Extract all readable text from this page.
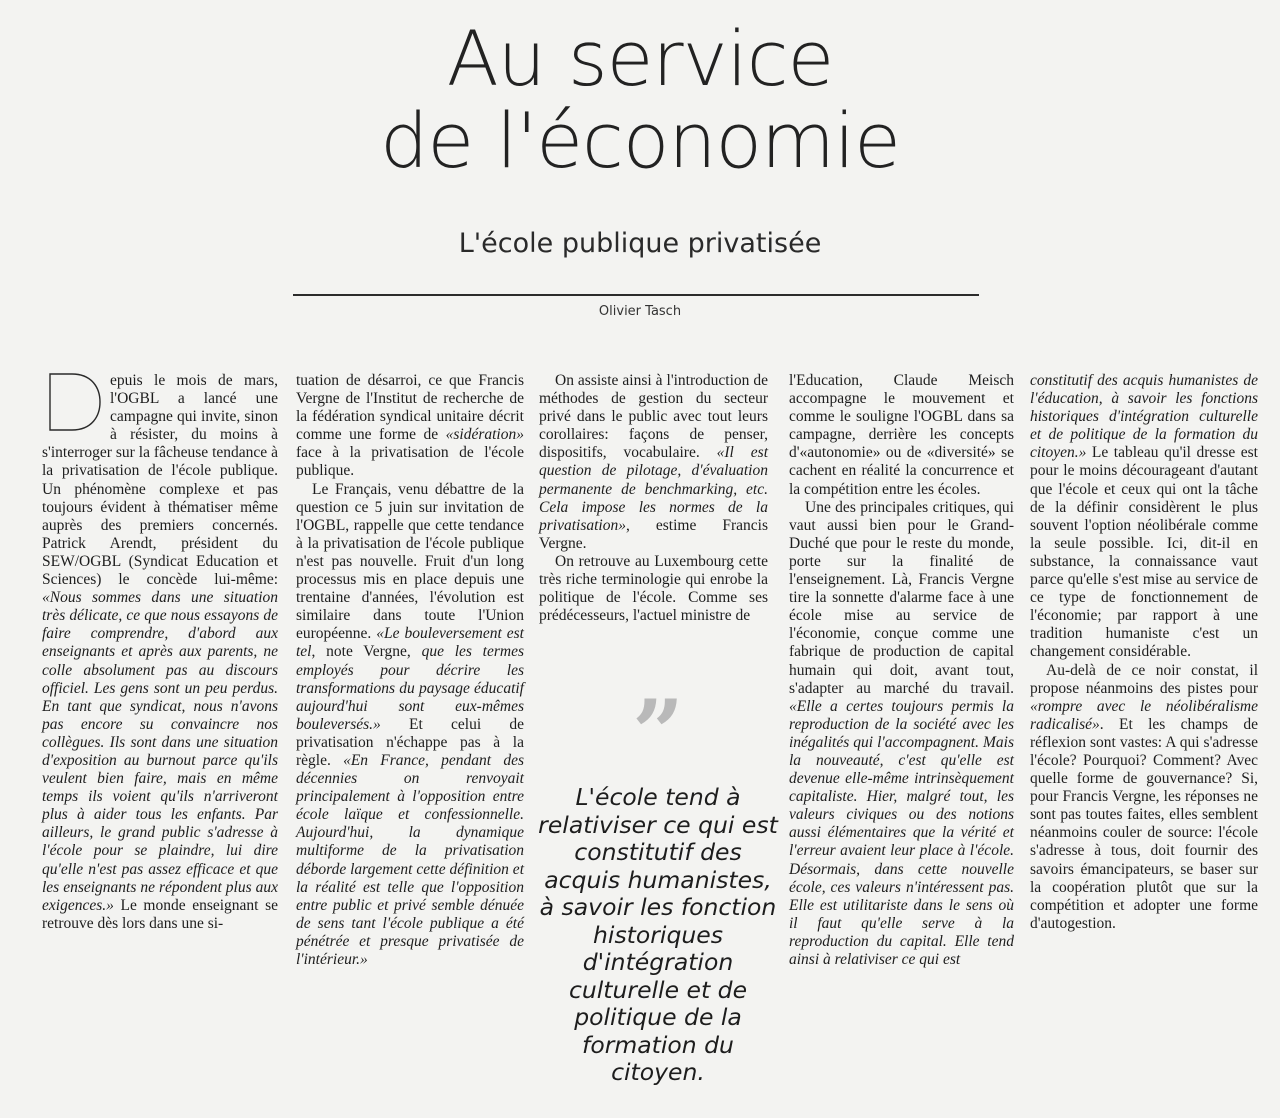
Au service
de l'économie
L'école publique privatisée
Olivier Tasch

epuis le mois de mars, l'OGBL a lancé une campagne qui invite, sinon à résister, du moins à s'interroger sur la fâcheuse tendance à la privatisation de l'école publique. Un phénomène complexe et pas toujours évident à thématiser même auprès des premiers concernés. Patrick Arendt, président du SEW/OGBL (Syndicat Education et Sciences) le concède lui-même: «Nous sommes dans une situation très délicate, ce que nous essayons de faire comprendre, d'abord aux enseignants et après aux parents, ne colle absolument pas au discours officiel. Les gens sont un peu perdus. En tant que syndicat, nous n'avons pas encore su convaincre nos collègues. Ils sont dans une situation d'exposition au burnout parce qu'ils veulent bien faire, mais en même temps ils voient qu'ils n'arriveront plus à aider tous les enfants. Par ailleurs, le grand public s'adresse à l'école pour se plaindre, lui dire qu'elle n'est pas assez efficace et que les enseignants ne répondent plus aux exigences.» Le monde enseignant se retrouve dès lors dans une si-

tuation de désarroi, ce que Francis Vergne de l'Institut de recherche de la fédération syndical unitaire décrit comme une forme de «sidération» face à la privatisation de l'école publique.

Le Français, venu débattre de la question ce 5 juin sur invitation de l'OGBL, rappelle que cette tendance à la privatisation de l'école publique n'est pas nouvelle. Fruit d'un long processus mis en place depuis une trentaine d'années, l'évolution est similaire dans toute l'Union européenne. «Le bouleversement est tel, note Vergne, que les termes employés pour décrire les transformations du paysage éducatif aujourd'hui sont eux-mêmes bouleversés.» Et celui de privatisation n'échappe pas à la règle. «En France, pendant des décennies on renvoyait principalement à l'opposition entre école laïque et confessionnelle. Aujourd'hui, la dynamique multiforme de la privatisation déborde largement cette définition et la réalité est telle que l'opposition entre public et privé semble dénuée de sens tant l'école publique a été pénétrée et presque privatisée de l'intérieur.»

On assiste ainsi à l'introduction de méthodes de gestion du secteur privé dans le public avec tout leurs corollaires: façons de penser, dispositifs, vocabulaire. «Il est question de pilotage, d'évaluation permanente de benchmarking, etc. Cela impose les normes de la privatisation», estime Francis Vergne.

On retrouve au Luxembourg cette très riche terminologie qui enrobe la politique de l'école. Comme ses prédécesseurs, l'actuel ministre de

”
L'école tend à relativiser ce qui est constitutif des acquis humanistes, à savoir les fonction historiques d'intégration culturelle et de politique de la formation du citoyen.

l'Education, Claude Meisch accompagne le mouvement et comme le souligne l'OGBL dans sa campagne, derrière les concepts d'«autonomie» ou de «diversité» se cachent en réalité la concurrence et la compétition entre les écoles.

Une des principales critiques, qui vaut aussi bien pour le Grand-Duché que pour le reste du monde, porte sur la finalité de l'enseignement. Là, Francis Vergne tire la sonnette d'alarme face à une école mise au service de l'économie, conçue comme une fabrique de production de capital humain qui doit, avant tout, s'adapter au marché du travail. «Elle a certes toujours permis la reproduction de la société avec les inégalités qui l'accompagnent. Mais la nouveauté, c'est qu'elle est devenue elle-même intrinsèquement capitaliste. Hier, malgré tout, les valeurs civiques ou des notions aussi élémentaires que la vérité et l'erreur avaient leur place à l'école. Désormais, dans cette nouvelle école, ces valeurs n'intéressent pas. Elle est utilitariste dans le sens où il faut qu'elle serve à la reproduction du capital. Elle tend ainsi à relativiser ce qui est

constitutif des acquis humanistes de l'éducation, à savoir les fonctions historiques d'intégration culturelle et de politique de la formation du citoyen.» Le tableau qu'il dresse est pour le moins décourageant d'autant que l'école et ceux qui ont la tâche de la définir considèrent le plus souvent l'option néolibérale comme la seule possible. Ici, dit-il en substance, la connaissance vaut parce qu'elle s'est mise au service de ce type de fonctionnement de l'économie; par rapport à une tradition humaniste c'est un changement considérable.

Au-delà de ce noir constat, il propose néanmoins des pistes pour «rompre avec le néolibéralisme radicalisé». Et les champs de réflexion sont vastes: A qui s'adresse l'école? Pourquoi? Comment? Avec quelle forme de gouvernance? Si, pour Francis Vergne, les réponses ne sont pas toutes faites, elles semblent néanmoins couler de source: l'école s'adresse à tous, doit fournir des savoirs émancipateurs, se baser sur la coopération plutôt que sur la compétition et adopter une forme d'autogestion.
